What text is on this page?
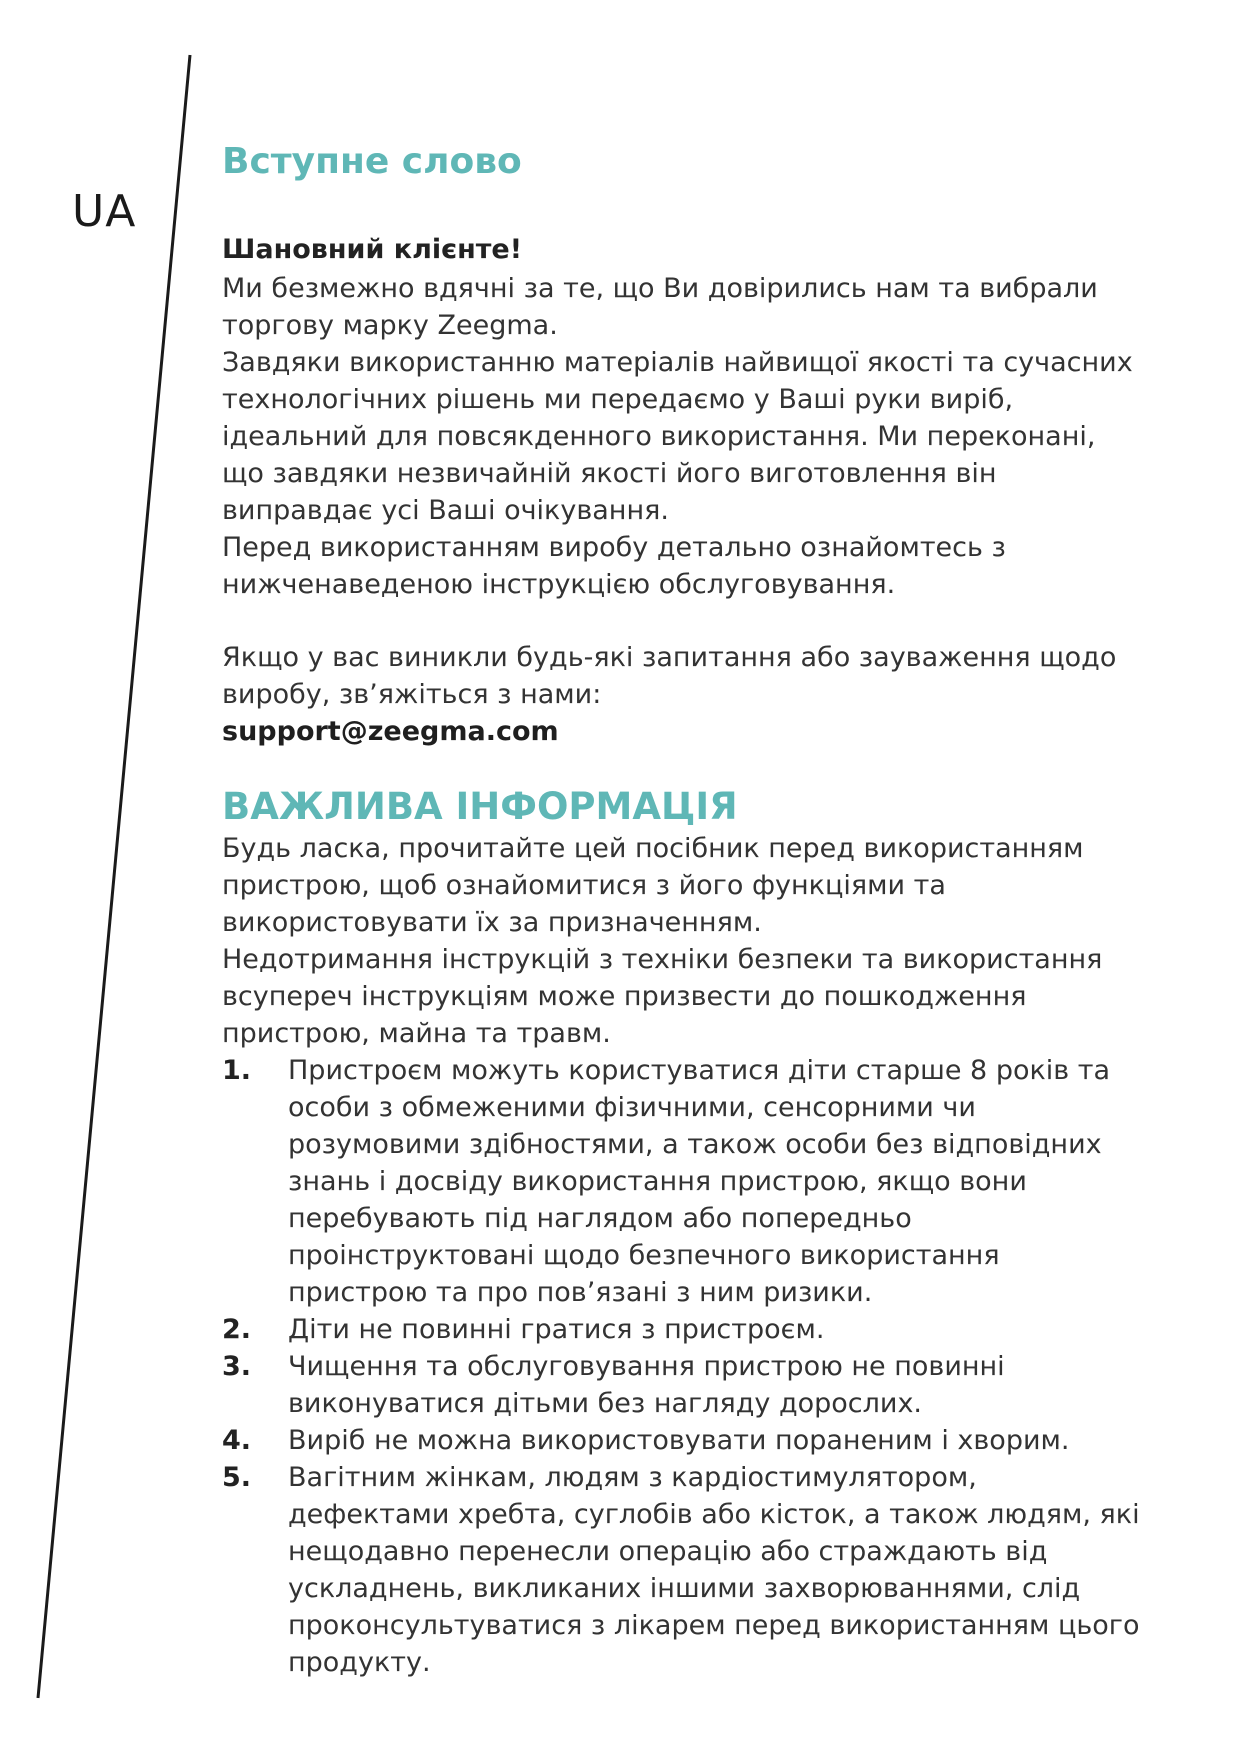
UA
Вступне слово

Шановний клієнте!

Ми безмежно вдячні за те, що Ви довірились нам та вибрали торгову марку Zeegma.

Завдяки використанню матеріалів найвищої якості та сучасних технологічних рішень ми передаємо у Ваші руки виріб, ідеальний для повсякденного використання. Ми переконані, що завдяки незвичайній якості його виготовлення він виправдає усі Ваші очікування.

Перед використанням виробу детально ознайомтесь з нижченаведеною інструкцією обслуговування.

Якщо у вас виникли будь-які запитання або зауваження щодо виробу, зв’яжіться з нами:

support@zeegma.com

ВАЖЛИВА ІНФОРМАЦІЯ

Будь ласка, прочитайте цей посібник перед використанням пристрою, щоб ознайомитися з його функціями та використовувати їх за призначенням.

Недотримання інструкцій з техніки безпеки та використання всупереч інструкціям може призвести до пошкодження пристрою, майна та травм.

1. Пристроєм можуть користуватися діти старше 8 років та особи з обмеженими фізичними, сенсорними чи розумовими здібностями, а також особи без відповідних знань і досвіду використання пристрою, якщо вони перебувають під наглядом або попередньо проінструктовані щодо безпечного використання пристрою та про пов’язані з ним ризики.
2. Діти не повинні гратися з пристроєм.
3. Чищення та обслуговування пристрою не повинні виконуватися дітьми без нагляду дорослих.
4. Виріб не можна використовувати пораненим і хворим.
5. Вагітним жінкам, людям з кардіостимулятором, дефектами хребта, суглобів або кісток, а також людям, які нещодавно перенесли операцію або страждають від ускладнень, викликаних іншими захворюваннями, слід проконсультуватися з лікарем перед використанням цього продукту.
